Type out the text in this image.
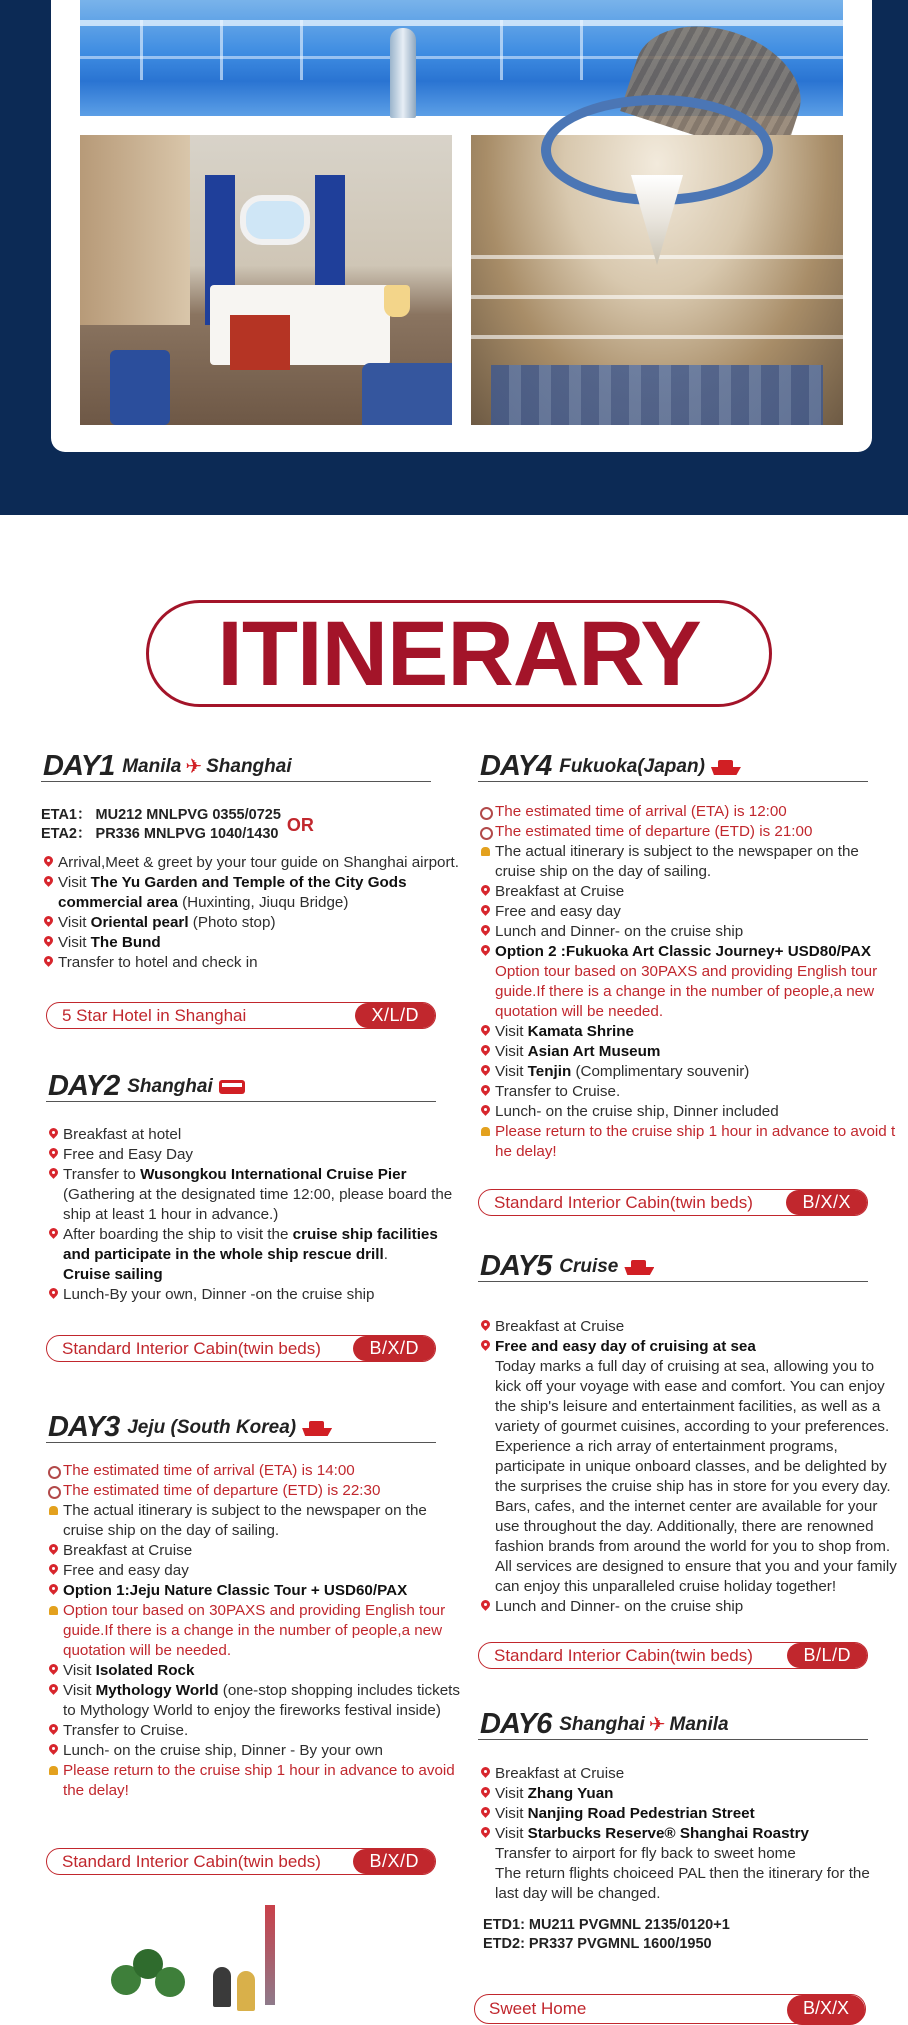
ITINERARY
DAY1 Manila ✈ Shanghai
ETA1： MU212 MNLPVG 0355/0725
ETA2： PR336 MNLPVG 1040/1430 OR
Arrival,Meet & greet by your tour guide on Shanghai airport.
Visit The Yu Garden and Temple of the City Gods
commercial area (Huxinting, Jiuqu Bridge)
Visit Oriental pearl (Photo stop)
Visit The Bund
Transfer to hotel and check in
5 Star Hotel in Shanghai	X/L/D
DAY2 Shanghai
Breakfast at hotel
Free and Easy Day
Transfer to Wusongkou International Cruise Pier
(Gathering at the designated time 12:00, please board the
ship at least 1 hour in advance.)
After boarding the ship to visit the cruise ship facilities
and participate in the whole ship rescue drill.
Cruise sailing
Lunch-By your own, Dinner -on the cruise ship
Standard Interior Cabin(twin beds)	B/X/D
DAY3 Jeju (South Korea)
The estimated time of arrival (ETA) is 14:00
The estimated time of departure (ETD) is 22:30
The actual itinerary is subject to the newspaper on the
cruise ship on the day of sailing.
Breakfast at Cruise
Free and easy day
Option 1:Jeju Nature Classic Tour + USD60/PAX
Option tour based on 30PAXS and providing English tour
guide.If there is a change in the number of people,a new
quotation will be needed.
Visit Isolated Rock
Visit Mythology World (one-stop shopping includes tickets
to Mythology World to enjoy the fireworks festival inside)
Transfer to Cruise.
Lunch- on the cruise ship, Dinner - By your own
Please return to the cruise ship 1 hour in advance to avoid
the delay!
Standard Interior Cabin(twin beds)	B/X/D
DAY4 Fukuoka(Japan)
The estimated time of arrival (ETA) is 12:00
The estimated time of departure (ETD) is 21:00
The actual itinerary is subject to the newspaper on the
cruise ship on the day of sailing.
Breakfast at Cruise
Free and easy day
Lunch and Dinner- on the cruise ship
Option 2 :Fukuoka Art Classic Journey+ USD80/PAX
Option tour based on 30PAXS and providing English tour
guide.If there is a change in the number of people,a new
quotation will be needed.
Visit Kamata Shrine
Visit Asian Art Museum
Visit Tenjin (Complimentary souvenir)
Transfer to Cruise.
Lunch- on the cruise ship, Dinner included
Please return to the cruise ship 1 hour in advance to avoid t
he delay!
Standard Interior Cabin(twin beds)	B/X/X
DAY5 Cruise
Breakfast at Cruise
Free and easy day of cruising at sea
Today marks a full day of cruising at sea, allowing you to
kick off your voyage with ease and comfort. You can enjoy
the ship's leisure and entertainment facilities, as well as a
variety of gourmet cuisines, according to your preferences.
Experience a rich array of entertainment programs,
participate in unique onboard classes, and be delighted by
the surprises the cruise ship has in store for you every day.
Bars, cafes, and the internet center are available for your
use throughout the day. Additionally, there are renowned
fashion brands from around the world for you to shop from.
All services are designed to ensure that you and your family
can enjoy this unparalleled cruise holiday together!
Lunch and Dinner- on the cruise ship
Standard Interior Cabin(twin beds)	B/L/D
DAY6 Shanghai ✈ Manila
Breakfast at Cruise
Visit Zhang Yuan
Visit Nanjing Road Pedestrian Street
Visit Starbucks Reserve® Shanghai Roastry
Transfer to airport for fly back to sweet home
The return flights choiceed PAL then the itinerary for the
last day will be changed.
ETD1: MU211 PVGMNL 2135/0120+1
ETD2: PR337 PVGMNL 1600/1950
Sweet Home	B/X/X
